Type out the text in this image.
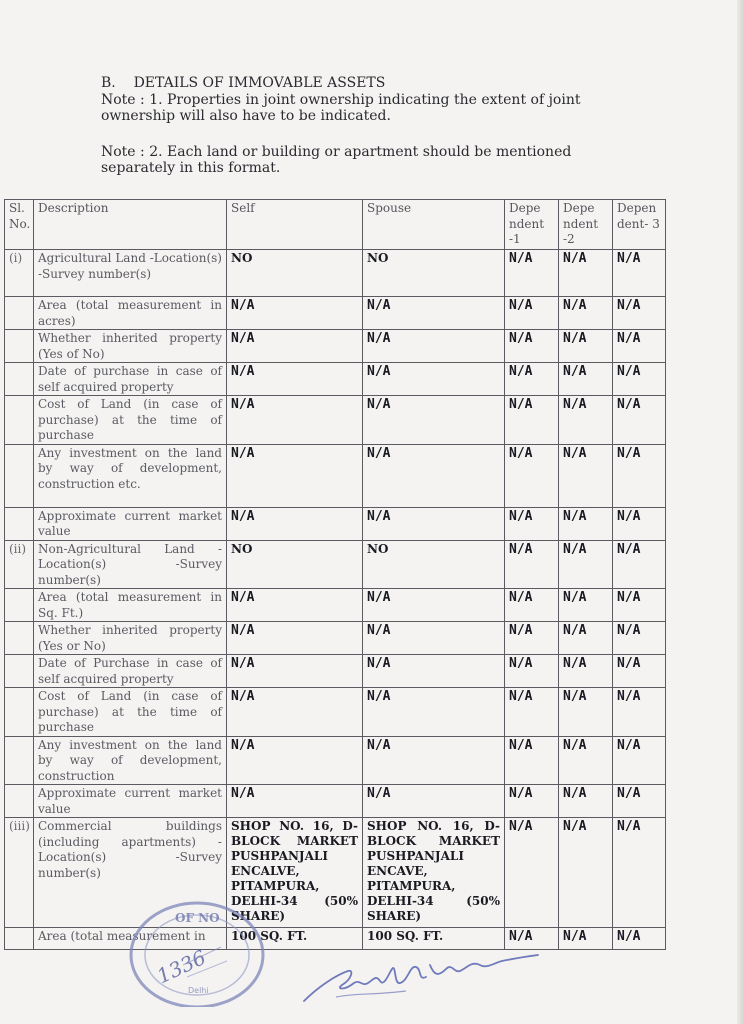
B. DETAILS OF IMMOVABLE ASSETS
Note : 1. Properties in joint ownership indicating the extent of joint
ownership will also have to be indicated.
Note : 2. Each land or building or apartment should be mentioned
separately in this format.
Sl. No.	Description	Self	Spouse	Depe ndent -1	Depe ndent -2	Depen dent- 3
(i)	Agricultural Land -Location(s) -Survey number(s)	NO	NO	N/A	N/A	N/A
	Area (total measurement in acres)	N/A	N/A	N/A	N/A	N/A
	Whether inherited property (Yes of No)	N/A	N/A	N/A	N/A	N/A
	Date of purchase in case of self acquired property	N/A	N/A	N/A	N/A	N/A
	Cost of Land (in case of purchase) at the time of purchase	N/A	N/A	N/A	N/A	N/A
	Any investment on the land by way of development, construction etc.	N/A	N/A	N/A	N/A	N/A
	Approximate current market value	N/A	N/A	N/A	N/A	N/A
(ii)	Non-Agricultural Land -Location(s) -Survey number(s)	NO	NO	N/A	N/A	N/A
	Area (total measurement in Sq. Ft.)	N/A	N/A	N/A	N/A	N/A
	Whether inherited property (Yes or No)	N/A	N/A	N/A	N/A	N/A
	Date of Purchase in case of self acquired property	N/A	N/A	N/A	N/A	N/A
	Cost of Land (in case of purchase) at the time of purchase	N/A	N/A	N/A	N/A	N/A
	Any investment on the land by way of development, construction	N/A	N/A	N/A	N/A	N/A
	Approximate current market value	N/A	N/A	N/A	N/A	N/A
(iii)	Commercial buildings (including apartments) -Location(s) -Survey number(s)	SHOP NO. 16, D-BLOCK MARKET PUSHPANJALI ENCALVE, PITAMPURA, DELHI-34 (50% SHARE)	SHOP NO. 16, D-BLOCK MARKET PUSHPANJALI ENCAVE, PITAMPURA, DELHI-34 (50% SHARE)	N/A	N/A	N/A
	Area (total measurement in	100 SQ. FT.	100 SQ. FT.	N/A	N/A	N/A
OF NO
1336
Delhi
